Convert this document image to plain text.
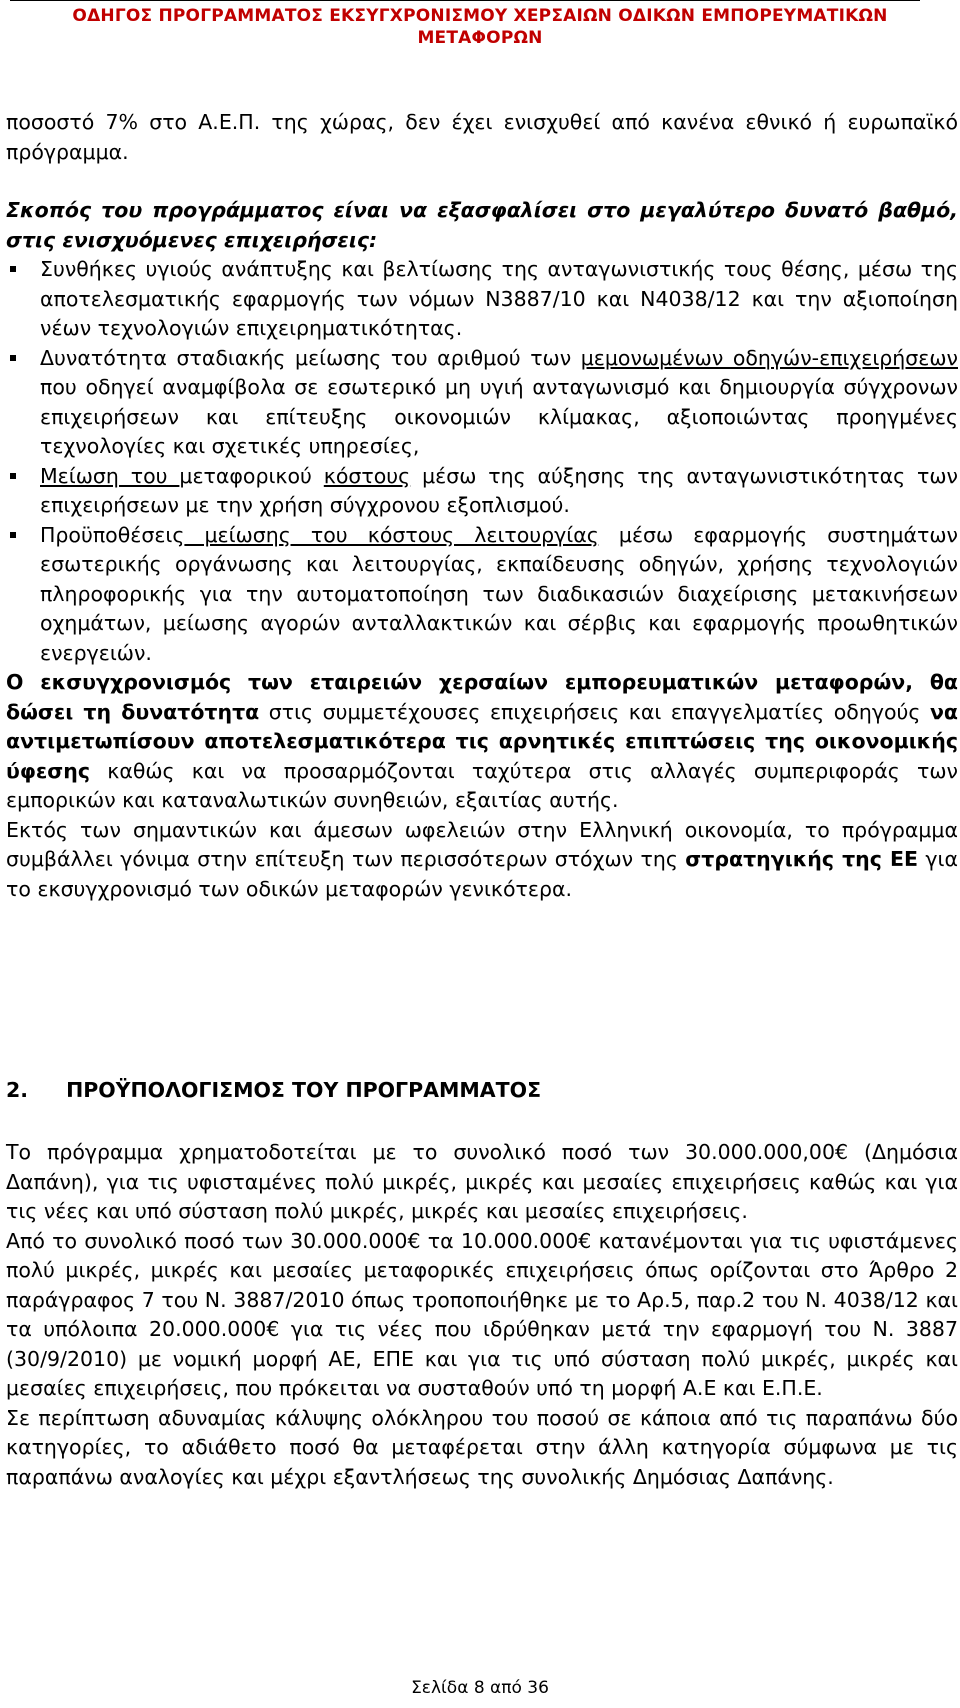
ΟΔΗΓΟΣ ΠΡΟΓΡΑΜΜΑΤΟΣ ΕΚΣΥΓΧΡΟΝΙΣΜΟΥ ΧΕΡΣΑΙΩΝ ΟΔΙΚΩΝ ΕΜΠΟΡΕΥΜΑΤΙΚΩΝ
ΜΕΤΑΦΟΡΩΝ

ποσοστό 7% στο Α.Ε.Π. της χώρας, δεν έχει ενισχυθεί από κανένα εθνικό ή ευρωπαϊκό πρόγραμμα.

Σκοπός του προγράμματος είναι να εξασφαλίσει στο μεγαλύτερο δυνατό βαθμό, στις ενισχυόμενες επιχειρήσεις:

Συνθήκες υγιούς ανάπτυξης και βελτίωσης της ανταγωνιστικής τους θέσης, μέσω της αποτελεσματικής εφαρμογής των νόμων Ν3887/10 και Ν4038/12 και την αξιοποίηση νέων τεχνολογιών επιχειρηματικότητας.
Δυνατότητα σταδιακής μείωσης του αριθμού των μεμονωμένων οδηγών-επιχειρήσεων που οδηγεί αναμφίβολα σε εσωτερικό μη υγιή ανταγωνισμό και δημιουργία σύγχρονων επιχειρήσεων και επίτευξης οικονομιών κλίμακας, αξιοποιώντας προηγμένες τεχνολογίες και σχετικές υπηρεσίες,
Μείωση του μεταφορικού κόστους μέσω της αύξησης της ανταγωνιστικότητας των επιχειρήσεων με την χρήση σύγχρονου εξοπλισμού.
Προϋποθέσεις μείωσης του κόστους λειτουργίας μέσω εφαρμογής συστημάτων εσωτερικής οργάνωσης και λειτουργίας, εκπαίδευσης οδηγών, χρήσης τεχνολογιών πληροφορικής για την αυτοματοποίηση των διαδικασιών διαχείρισης μετακινήσεων οχημάτων, μείωσης αγορών ανταλλακτικών και σέρβις και εφαρμογής προωθητικών ενεργειών.

Ο εκσυγχρονισμός των εταιρειών χερσαίων εμπορευματικών μεταφορών, θα δώσει τη δυνατότητα στις συμμετέχουσες επιχειρήσεις και επαγγελματίες οδηγούς να αντιμετωπίσουν αποτελεσματικότερα τις αρνητικές επιπτώσεις της οικονομικής ύφεσης καθώς και να προσαρμόζονται ταχύτερα στις αλλαγές συμπεριφοράς των εμπορικών και καταναλωτικών συνηθειών, εξαιτίας αυτής.

Εκτός των σημαντικών και άμεσων ωφελειών στην Ελληνική οικονομία, το πρόγραμμα συμβάλλει γόνιμα στην επίτευξη των περισσότερων στόχων της στρατηγικής της ΕΕ για το εκσυγχρονισμό των οδικών μεταφορών γενικότερα.

2. ΠΡΟΫΠΟΛΟΓΙΣΜΟΣ ΤΟΥ ΠΡΟΓΡΑΜΜΑΤΟΣ

Το πρόγραμμα χρηματοδοτείται με το συνολικό ποσό των 30.000.000,00€ (Δημόσια Δαπάνη), για τις υφισταμένες πολύ μικρές, μικρές και μεσαίες επιχειρήσεις καθώς και για τις νέες και υπό σύσταση πολύ μικρές, μικρές και μεσαίες επιχειρήσεις.

Από το συνολικό ποσό των 30.000.000€ τα 10.000.000€ κατανέμονται για τις υφιστάμενες πολύ μικρές, μικρές και μεσαίες μεταφορικές επιχειρήσεις όπως ορίζονται στο Άρθρο 2 παράγραφος 7 του Ν. 3887/2010 όπως τροποποιήθηκε με το Αρ.5, παρ.2 του Ν. 4038/12 και τα υπόλοιπα 20.000.000€ για τις νέες που ιδρύθηκαν μετά την εφαρμογή του Ν. 3887 (30/9/2010) με νομική μορφή ΑΕ, ΕΠΕ και για τις υπό σύσταση πολύ μικρές, μικρές και μεσαίες επιχειρήσεις, που πρόκειται να συσταθούν υπό τη μορφή Α.Ε και Ε.Π.Ε.

Σε περίπτωση αδυναμίας κάλυψης ολόκληρου του ποσού σε κάποια από τις παραπάνω δύο κατηγορίες, το αδιάθετο ποσό θα μεταφέρεται στην άλλη κατηγορία σύμφωνα με τις παραπάνω αναλογίες και μέχρι εξαντλήσεως της συνολικής Δημόσιας Δαπάνης.

Σελίδα 8 από 36
